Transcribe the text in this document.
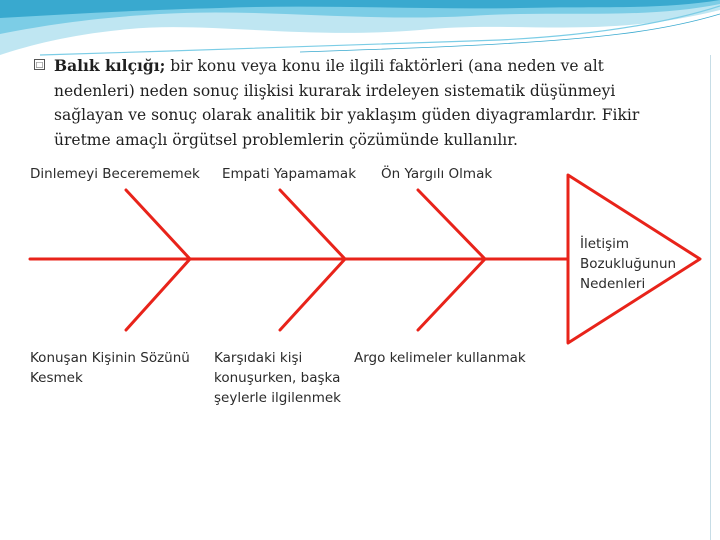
□ Balık kılçığı; bir konu veya konu ile ilgili faktörleri (ana neden ve alt nedenleri) neden sonuç ilişkisi kurarak irdeleyen sistematik düşünmeyi sağlayan ve sonuç olarak analitik bir yaklaşım güden diyagramlardır. Fikir üretme amaçlı örgütsel problemlerin çözümünde kullanılır.
Dinlemeyi Becerememek Empati Yapamamak Ön Yargılı Olmak
İletişim
Bozukluğunun
Nedenleri
Konuşan Kişinin Sözünü
Kesmek
Karşıdaki kişi
konuşurken, başka
şeylerle ilgilenmek
Argo kelimeler kullanmak
